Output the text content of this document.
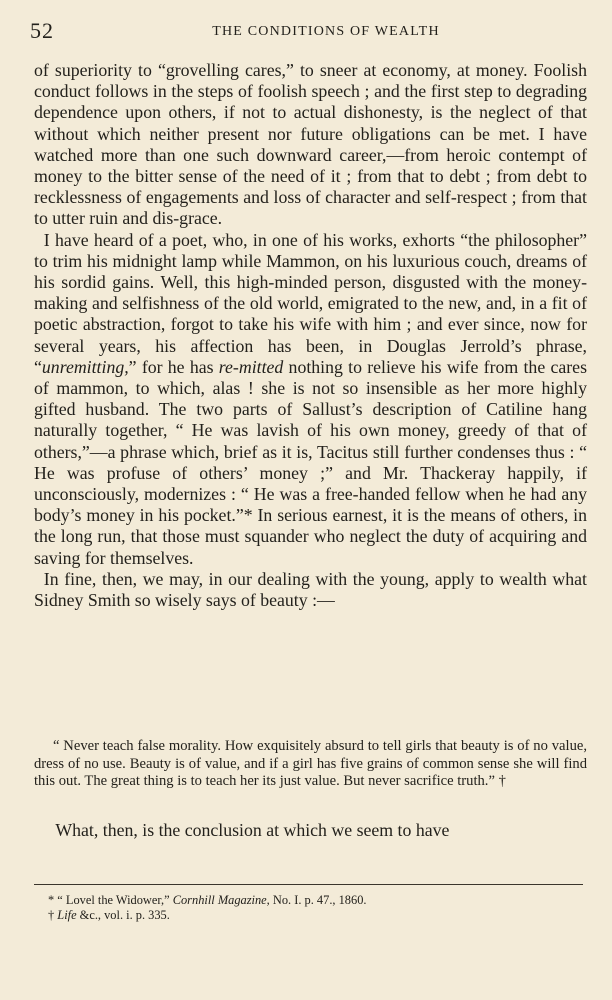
52	THE CONDITIONS OF WEALTH

of superiority to “grovelling cares,” to sneer at economy, at money. Foolish conduct follows in the steps of foolish speech ; and the first step to degrading dependence upon others, if not to actual dishonesty, is the neglect of that without which neither present nor future obligations can be met. I have watched more than one such downward career,—from heroic contempt of money to the bitter sense of the need of it ; from that to debt ; from debt to recklessness of engagements and loss of character and self-respect ; from that to utter ruin and dis-grace.

I have heard of a poet, who, in one of his works, exhorts “the philosopher” to trim his midnight lamp while Mammon, on his luxurious couch, dreams of his sordid gains. Well, this high-minded person, disgusted with the money-making and selfishness of the old world, emigrated to the new, and, in a fit of poetic abstraction, forgot to take his wife with him ; and ever since, now for several years, his affection has been, in Douglas Jerrold’s phrase, “unremitting,” for he has re-mitted nothing to relieve his wife from the cares of mammon, to which, alas ! she is not so insensible as her more highly gifted husband. The two parts of Sallust’s description of Catiline hang naturally together, “ He was lavish of his own money, greedy of that of others,”—a phrase which, brief as it is, Tacitus still further condenses thus : “ He was profuse of others’ money ;” and Mr. Thackeray happily, if unconsciously, modernizes : “ He was a free-handed fellow when he had any body’s money in his pocket.”* In serious earnest, it is the means of others, in the long run, that those must squander who neglect the duty of acquiring and saving for themselves.

In fine, then, we may, in our dealing with the young, apply to wealth what Sidney Smith so wisely says of beauty :—

“ Never teach false morality. How exquisitely absurd to tell girls that beauty is of no value, dress of no use. Beauty is of value, and if a girl has five grains of common sense she will find this out. The great thing is to teach her its just value. But never sacrifice truth.” †

What, then, is the conclusion at which we seem to have

* “ Lovel the Widower,” Cornhill Magazine, No. I. p. 47., 1860.
† Life &c., vol. i. p. 335.
